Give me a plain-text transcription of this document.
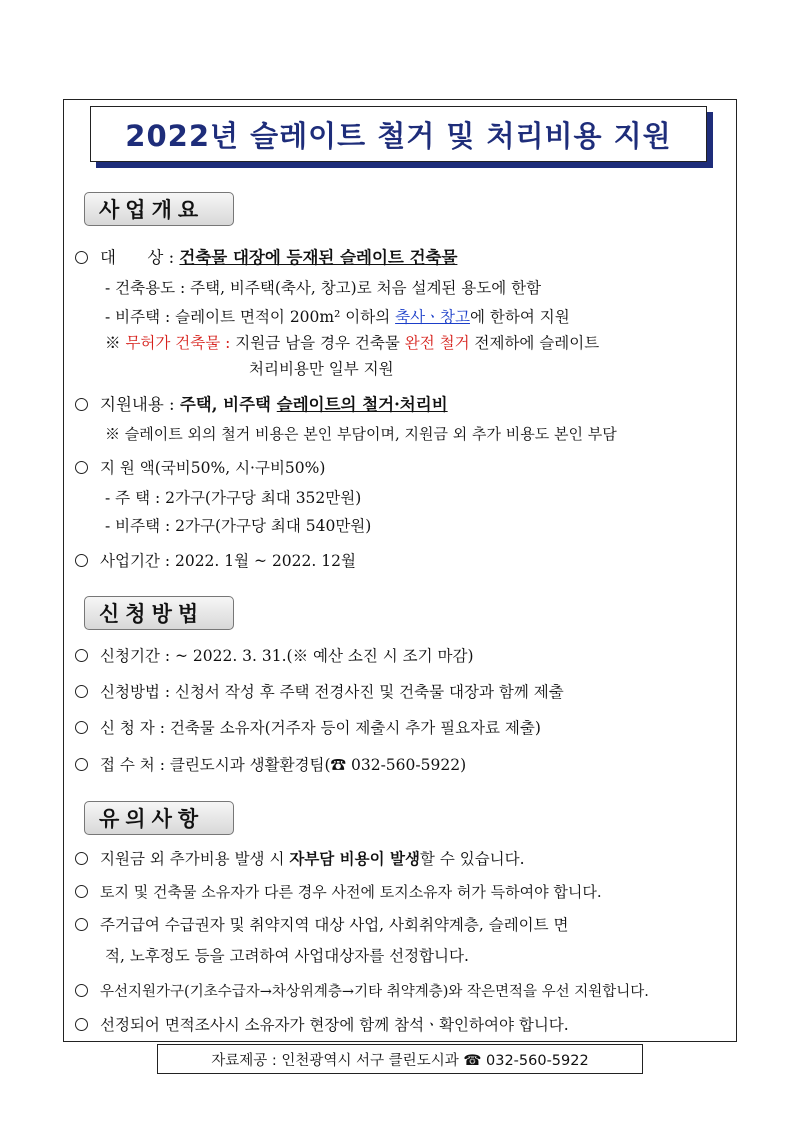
2022년 슬레이트 철거 및 처리비용 지원
사업개요
대      상 : 건축물 대장에 등재된 슬레이트 건축물
- 건축용도 : 주택, 비주택(축사, 창고)로 처음 설계된 용도에 한함
- 비주택 : 슬레이트 면적이 200m² 이하의 축사ㆍ창고에 한하여 지원
※ 무허가 건축물 : 지원금 남을 경우 건축물 완전 철거 전제하에 슬레이트
처리비용만 일부 지원
지원내용 : 주택, 비주택 슬레이트의 철거·처리비
※ 슬레이트 외의 철거 비용은 본인 부담이며, 지원금 외 추가 비용도 본인 부담
지 원 액(국비50%, 시·구비50%)
- 주 택 : 2가구(가구당 최대 352만원)
- 비주택 : 2가구(가구당 최대 540만원)
사업기간 : 2022. 1월 ~ 2022. 12월
신청방법
신청기간 : ~ 2022. 3. 31.(※ 예산 소진 시 조기 마감)
신청방법 : 신청서 작성 후 주택 전경사진 및 건축물 대장과 함께 제출
신 청 자 : 건축물 소유자(거주자 등이 제출시 추가 필요자료 제출)
접 수 처 : 클린도시과 생활환경팀(☎ 032-560-5922)
유의사항
지원금 외 추가비용 발생 시 자부담 비용이 발생할 수 있습니다.
토지 및 건축물 소유자가 다른 경우 사전에 토지소유자 허가 득하여야 합니다.
주거급여 수급권자 및 취약지역 대상 사업, 사회취약계층, 슬레이트 면
적, 노후정도 등을 고려하여 사업대상자를 선정합니다.
우선지원가구(기초수급자→차상위계층→기타 취약계층)와 작은면적을 우선 지원합니다.
선정되어 면적조사시 소유자가 현장에 함께 참석ㆍ확인하여야 합니다.
자료제공 : 인천광역시 서구 클린도시과 ☎ 032-560-5922
